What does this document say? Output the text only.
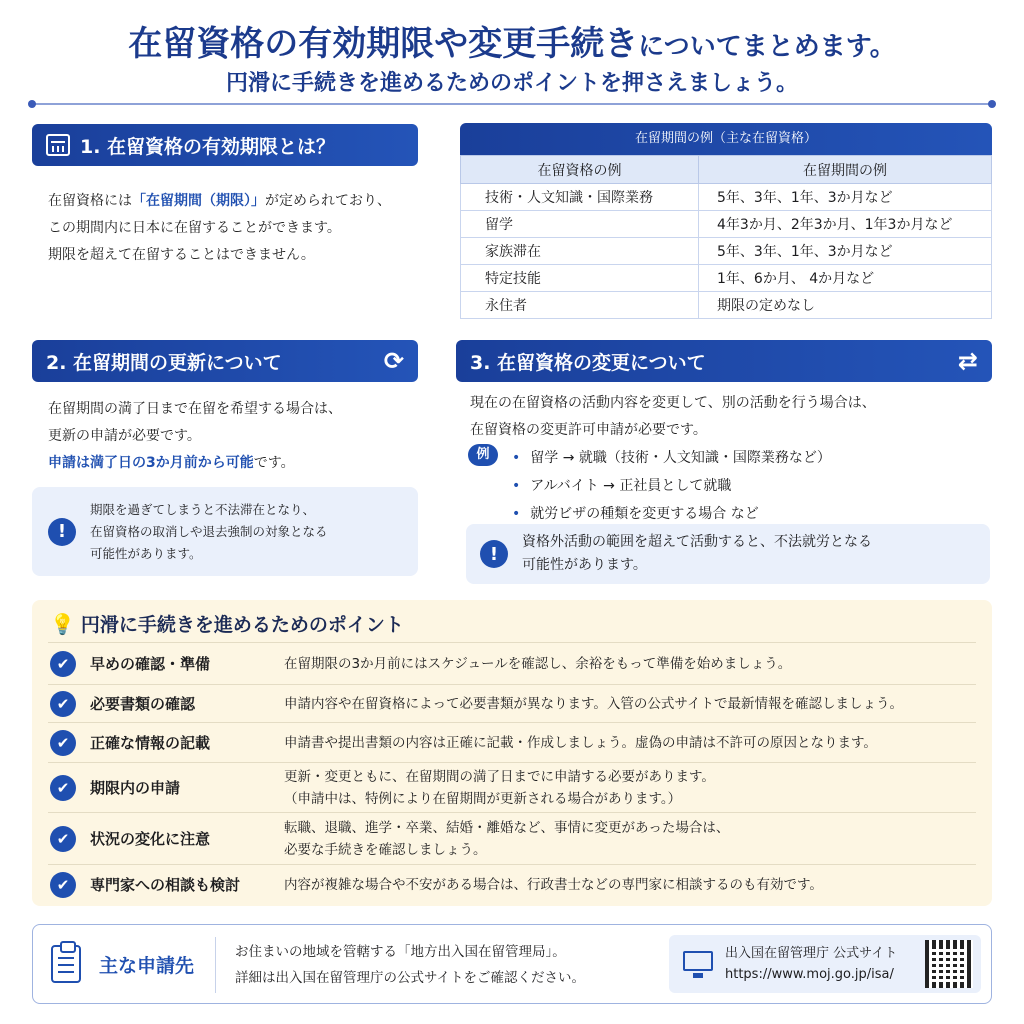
在留資格の有効期限や変更手続きについてまとめます。
円滑に手続きを進めるためのポイントを押さえましょう。
1. 在留資格の有効期限とは？
在留資格には「在留期間（期限）」が定められており、
この期間内に日本に在留することができます。
期限を超えて在留することはできません。
在留期間の例（主な在留資格）
在留資格の例	在留期間の例
技術・人文知識・国際業務	5年、3年、1年、3か月など
留学	4年3か月、2年3か月、1年3か月など
家族滞在	5年、3年、1年、3か月など
特定技能	1年、6か月、 4か月など
永住者	期限の定めなし
2. 在留期間の更新について	⟳
在留期間の満了日まで在留を希望する場合は、
更新の申請が必要です。
申請は満了日の3か月前から可能です。
!
期限を過ぎてしまうと不法滞在となり、
在留資格の取消しや退去強制の対象となる
可能性があります。
3. 在留資格の変更について	⇄
現在の在留資格の活動内容を変更して、別の活動を行う場合は、
在留資格の変更許可申請が必要です。
例	• 留学 → 就職（技術・人文知識・国際業務など）
• アルバイト → 正社員として就職
• 就労ビザの種類を変更する場合 など
!
資格外活動の範囲を超えて活動すると、不法就労となる
可能性があります。
💡 円滑に手続きを進めるためのポイント
✔	早めの確認・準備	在留期限の3か月前にはスケジュールを確認し、余裕をもって準備を始めましょう。
✔	必要書類の確認	申請内容や在留資格によって必要書類が異なります。入管の公式サイトで最新情報を確認しましょう。
✔	正確な情報の記載	申請書や提出書類の内容は正確に記載・作成しましょう。虚偽の申請は不許可の原因となります。
✔	期限内の申請
更新・変更ともに、在留期間の満了日までに申請する必要があります。
（申請中は、特例により在留期間が更新される場合があります。）
✔	状況の変化に注意
転職、退職、進学・卒業、結婚・離婚など、事情に変更があった場合は、
必要な手続きを確認しましょう。
✔	専門家への相談も検討	内容が複雑な場合や不安がある場合は、行政書士などの専門家に相談するのも有効です。
主な申請先
お住まいの地域を管轄する「地方出入国在留管理局」。
詳細は出入国在留管理庁の公式サイトをご確認ください。
出入国在留管理庁 公式サイト
https://www.moj.go.jp/isa/
